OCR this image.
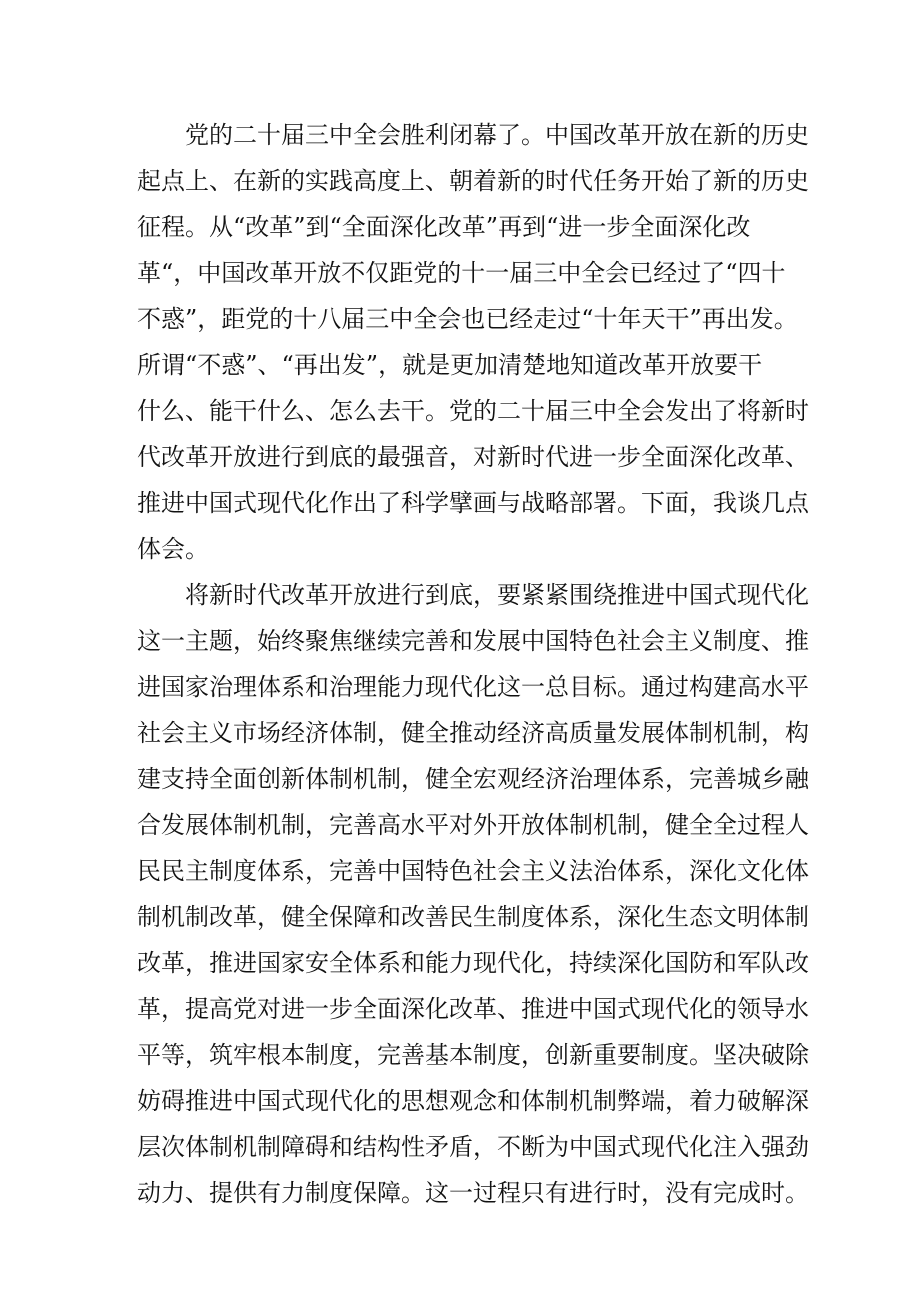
党的二十届三中全会胜利闭幕了。中国改革开放在新的历史
起点上、在新的实践高度上、朝着新的时代任务开始了新的历史
征程。从“改革”到“全面深化改革”再到“进一步全面深化改
革“，中国改革开放不仅距党的十一届三中全会已经过了“四十
不惑”，距党的十八届三中全会也已经走过“十年天干”再出发。
所谓“不惑”、“再出发”，就是更加清楚地知道改革开放要干
什么、能干什么、怎么去干。党的二十届三中全会发出了将新时
代改革开放进行到底的最强音，对新时代进一步全面深化改革、
推进中国式现代化作出了科学擘画与战略部署。下面，我谈几点
体会。
将新时代改革开放进行到底，要紧紧围绕推进中国式现代化
这一主题，始终聚焦继续完善和发展中国特色社会主义制度、推
进国家治理体系和治理能力现代化这一总目标。通过构建高水平
社会主义市场经济体制，健全推动经济高质量发展体制机制，构
建支持全面创新体制机制，健全宏观经济治理体系，完善城乡融
合发展体制机制，完善高水平对外开放体制机制，健全全过程人
民民主制度体系，完善中国特色社会主义法治体系，深化文化体
制机制改革，健全保障和改善民生制度体系，深化生态文明体制
改革，推进国家安全体系和能力现代化，持续深化国防和军队改
革，提高党对进一步全面深化改革、推进中国式现代化的领导水
平等，筑牢根本制度，完善基本制度，创新重要制度。坚决破除
妨碍推进中国式现代化的思想观念和体制机制弊端，着力破解深
层次体制机制障碍和结构性矛盾，不断为中国式现代化注入强劲
动力、提供有力制度保障。这一过程只有进行时，没有完成时。
